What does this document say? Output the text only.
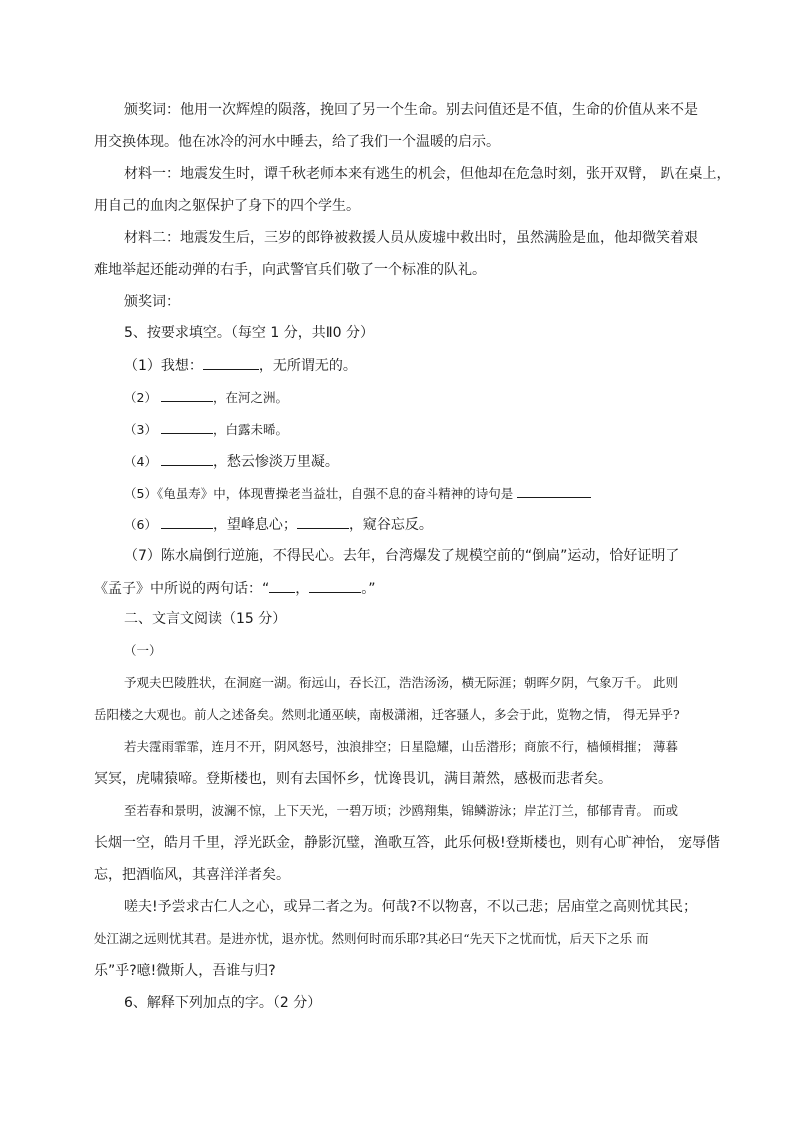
颁奖词：他用一次辉煌的陨落，挽回了另一个生命。别去问值还是不值，生命的价值从来不是
用交换体现。他在冰冷的河水中睡去，给了我们一个温暖的启示。
材料一：地震发生时，谭千秋老师本来有逃生的机会，但他却在危急时刻，张开双臂， 趴在桌上，
用自己的血肉之躯保护了身下的四个学生。
材料二：地震发生后，三岁的郎铮被救援人员从废墟中救出时，虽然满脸是血，他却微笑着艰
难地举起还能动弹的右手，向武警官兵们敬了一个标准的队礼。
颁奖词：
5、按要求填空。（每空 1 分，共Ⅱ0 分）
（1）我想：	，无所谓无的。
（2）	，在河之洲。
（3）	，白露未晞。
（4）	，愁云惨淡万里凝。
（5）《龟虽寿》中，体现曹操老当益壮，自强不息的奋斗精神的诗句是
（6）	，望峰息心；	，窥谷忘反。
（7）陈水扁倒行逆施，不得民心。去年，台湾爆发了规模空前的“倒扁”运动，恰好证明了
《孟子》中所说的两句话：“ ，	。”
二、文言文阅读（15 分）
（一）
予观夫巴陵胜状，在洞庭一湖。衔远山，吞长江，浩浩汤汤，横无际涯；朝晖夕阴，气象万千。 此则
岳阳楼之大观也。前人之述备矣。然则北通巫峡，南极潇湘，迁客骚人，多会于此，览物之情， 得无异乎?
若夫霪雨霏霏，连月不开，阴风怒号，浊浪排空；日星隐耀，山岳潜形；商旅不行，樯倾楫摧； 薄暮
冥冥，虎啸猿啼。登斯楼也，则有去国怀乡，忧谗畏讥，满目萧然，感极而悲者矣。
至若春和景明，波澜不惊，上下天光，一碧万顷；沙鸥翔集，锦鳞游泳；岸芷汀兰，郁郁青青。 而或
长烟一空，皓月千里，浮光跃金，静影沉璧，渔歌互答，此乐何极!登斯楼也，则有心旷神怡， 宠辱偕
忘，把酒临风，其喜洋洋者矣。
嗟夫!予尝求古仁人之心，或异二者之为。何哉?不以物喜，不以己悲；居庙堂之高则忧其民；
处江湖之远则忧其君。是进亦忧，退亦忧。然则何时而乐耶?其必曰“先天下之忧而忧，后天下之乐 而
乐”乎?噫!微斯人，吾谁与归?
6、解释下列加点的字。（2 分）
